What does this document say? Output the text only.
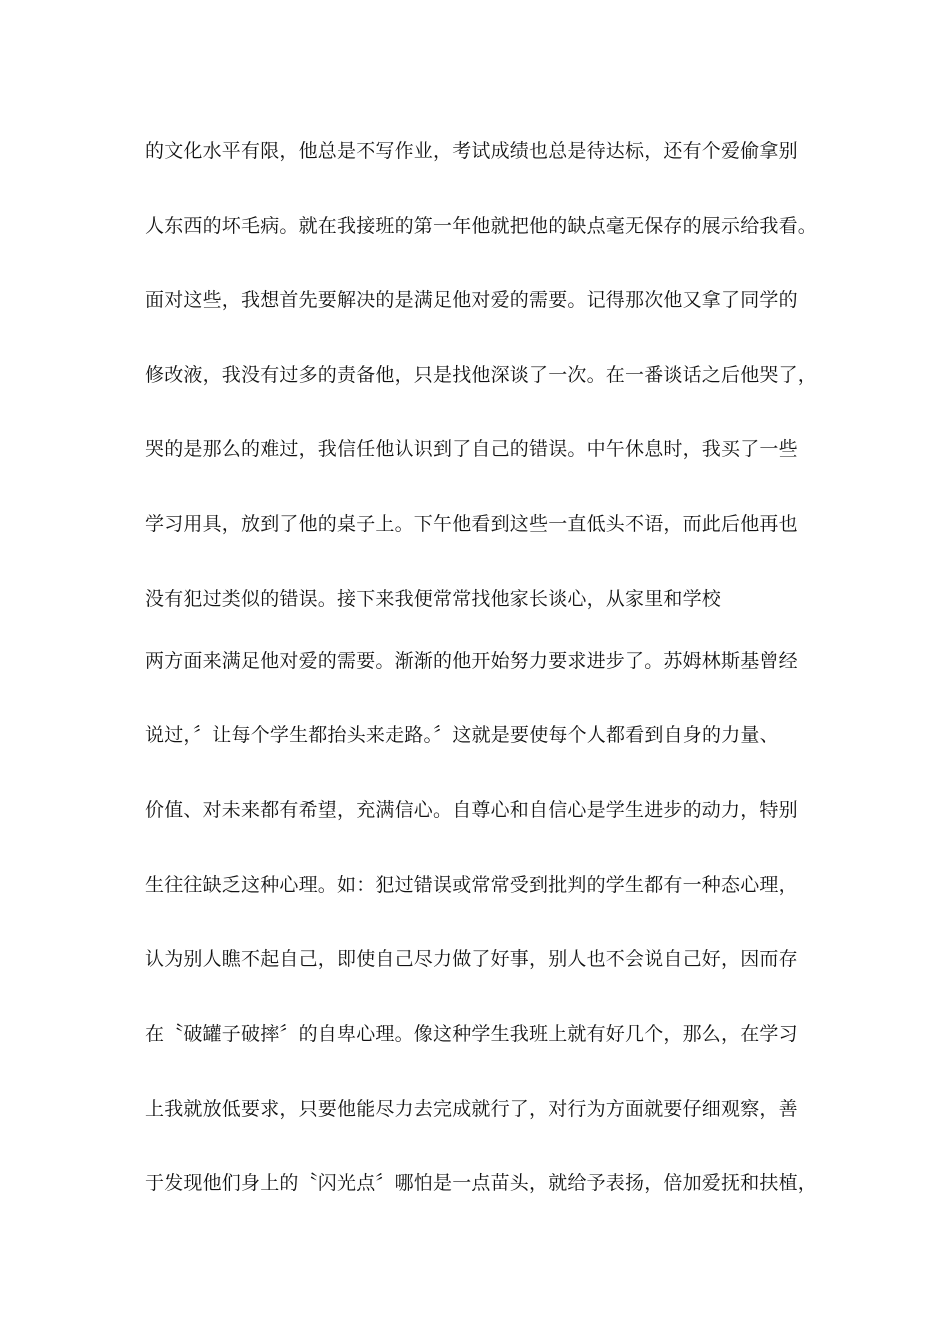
的文化水平有限，他总是不写作业，考试成绩也总是待达标，还有个爱偷拿别
人东西的坏毛病。就在我接班的第一年他就把他的缺点毫无保存的展示给我看。
面对这些，我想首先要解决的是满足他对爱的需要。记得那次他又拿了同学的
修改液，我没有过多的责备他，只是找他深谈了一次。在一番谈话之后他哭了，
哭的是那么的难过，我信任他认识到了自己的错误。中午休息时，我买了一些
学习用具，放到了他的桌子上。下午他看到这些一直低头不语，而此后他再也
没有犯过类似的错误。接下来我便常常找他家长谈心，从家里和学校
两方面来满足他对爱的需要。渐渐的他开始努力要求进步了。苏姆林斯基曾经
说过，〞让每个学生都抬头来走路。〞这就是要使每个人都看到自身的力量、
价值、对未来都有希望，充满信心。自尊心和自信心是学生进步的动力，特别
生往往缺乏这种心理。如：犯过错误或常常受到批判的学生都有一种态心理，
认为别人瞧不起自己，即使自己尽力做了好事，别人也不会说自己好，因而存
在〝破罐子破摔〞的自卑心理。像这种学生我班上就有好几个，那么，在学习
上我就放低要求，只要他能尽力去完成就行了，对行为方面就要仔细观察，善
于发现他们身上的〝闪光点〞哪怕是一点苗头，就给予表扬，倍加爱抚和扶植，
